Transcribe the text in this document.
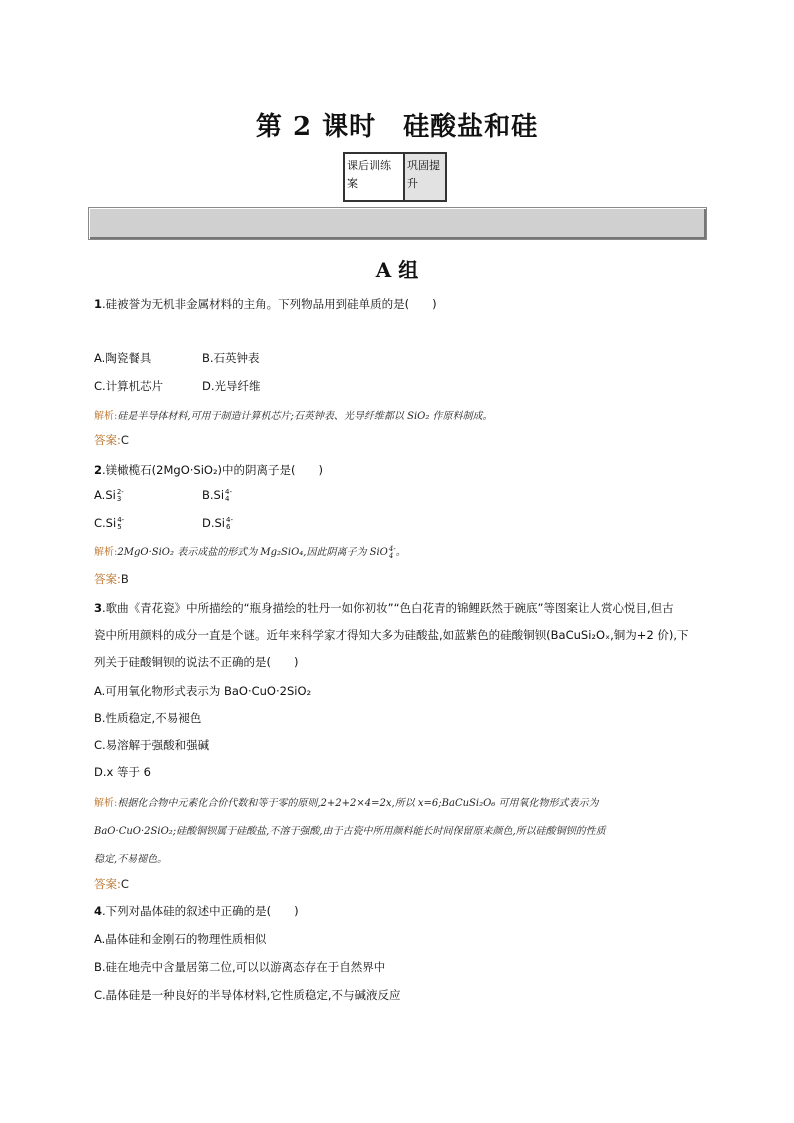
第 2 课时　硅酸盐和硅
课后训练案
巩固提升
A 组
1.硅被誉为无机非金属材料的主角。下列物品用到硅单质的是(　　)
A.陶瓷餐具	B.石英钟表
C.计算机芯片	D.光导纤维
解析:硅是半导体材料,可用于制造计算机芯片;石英钟表、光导纤维都以 SiO₂ 作原料制成。
答案:C
2.镁橄榄石(2MgO·SiO₂)中的阴离子是(　　)
A.Si 2-
3	B.Si 4-
4
C.Si 4-
5	D.Si 4-
6
解析:2MgO·SiO₂ 表示成盐的形式为 Mg₂SiO₄,因此阴离子为 SiO 4-
4 。
答案:B
3.歌曲《青花瓷》中所描绘的“瓶身描绘的牡丹一如你初妆”“色白花青的锦鲤跃然于碗底”等图案让人赏心悦目,但古
瓷中所用颜料的成分一直是个谜。近年来科学家才得知大多为硅酸盐,如蓝紫色的硅酸铜钡(BaCuSi₂Oₓ,铜为+2 价),下
列关于硅酸铜钡的说法不正确的是(　　)
A.可用氧化物形式表示为 BaO·CuO·2SiO₂
B.性质稳定,不易褪色
C.易溶解于强酸和强碱
D.x 等于 6
解析:根据化合物中元素化合价代数和等于零的原则,2+2+2×4=2x,所以 x=6;BaCuSi₂O₆ 可用氧化物形式表示为
BaO·CuO·2SiO₂;硅酸铜钡属于硅酸盐,不溶于强酸,由于古瓷中所用颜料能长时间保留原来颜色,所以硅酸铜钡的性质
稳定,不易褪色。
答案:C
4.下列对晶体硅的叙述中正确的是(　　)
A.晶体硅和金刚石的物理性质相似
B.硅在地壳中含量居第二位,可以以游离态存在于自然界中
C.晶体硅是一种良好的半导体材料,它性质稳定,不与碱液反应
